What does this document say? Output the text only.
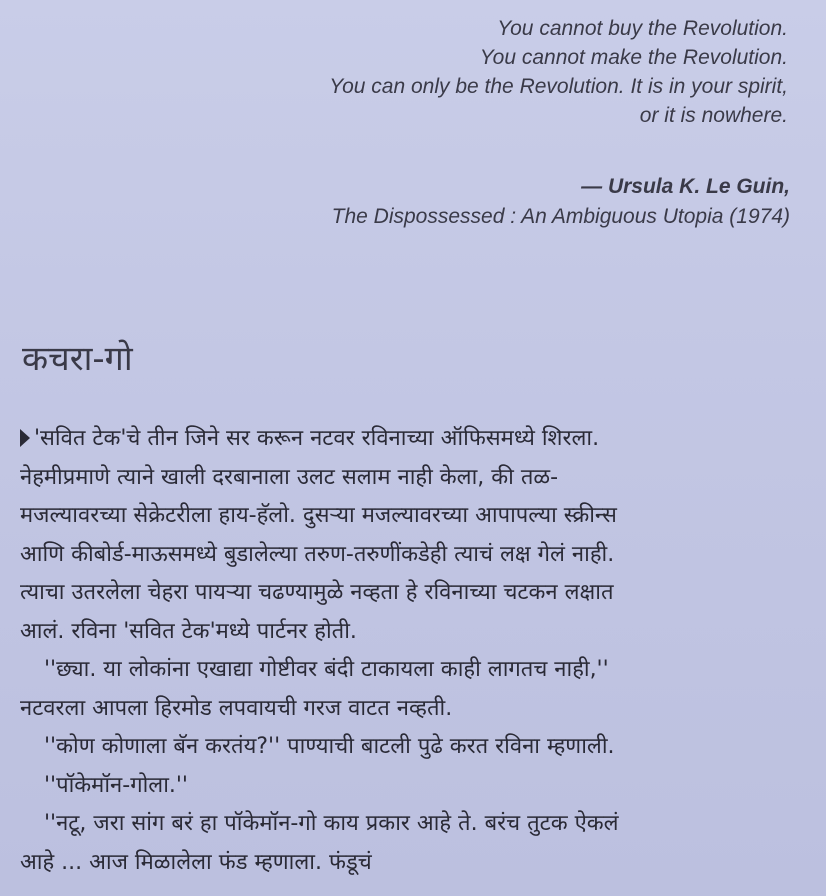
You cannot buy the Revolution.
You cannot make the Revolution.
You can only be the Revolution. It is in your spirit,
or it is nowhere.
— Ursula K. Le Guin,
The Dispossessed : An Ambiguous Utopia (1974)
कचरा-गो
'सवित टेक'चे तीन जिने सर करून नटवर रविनाच्या ऑफिसमध्ये शिरला.
नेहमीप्रमाणे त्याने खाली दरबानाला उलट सलाम नाही केला, की तळ-
मजल्यावरच्या सेक्रेटरीला हाय-हॅलो. दुसऱ्या मजल्यावरच्या आपापल्या स्क्रीन्स
आणि कीबोर्ड-माऊसमध्ये बुडालेल्या तरुण-तरुणींकडेही त्याचं लक्ष गेलं नाही.
त्याचा उतरलेला चेहरा पायऱ्या चढण्यामुळे नव्हता हे रविनाच्या चटकन लक्षात
आलं. रविना 'सवित टेक'मध्ये पार्टनर होती.
''छ्या. या लोकांना एखाद्या गोष्टीवर बंदी टाकायला काही लागतच नाही,''
नटवरला आपला हिरमोड लपवायची गरज वाटत नव्हती.
''कोण कोणाला बॅन करतंय?'' पाण्याची बाटली पुढे करत रविना म्हणाली.
''पॉकेमॉन-गोला.''
''नटू, जरा सांग बरं हा पॉकेमॉन-गो काय प्रकार आहे ते. बरंच तुटक ऐकलं
आहे ... आज मिळालेला फंड म्हणाला. फंडूचं
